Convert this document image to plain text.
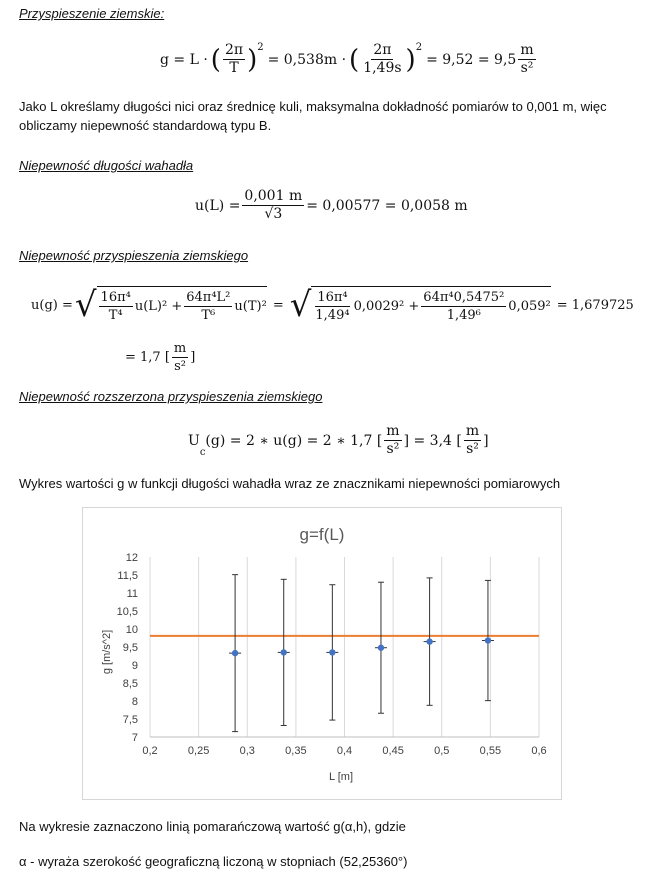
Przyspieszenie ziemskie:
g = L · ( $\frac{2\pi}{T} )^2$
= 0,538m · ( $\frac{2\pi}{1,49s} )^2$
= $9,52 = 9,5 \frac{m}{\text{s²}}$
Jako L określamy długości nici oraz średnicę kuli, maksymalna dokładność pomiarów to 0,001 m, więc obliczamy niepewność standardową typu B.
Niepewność długości wahadła
$u(L) = \frac{0,001 m}{√3} = 0,00577 = 0,0058$ m
Niepewność przyspieszenia ziemskiego
u(g) = √ $\frac{\text{16π⁴}}{\text{T⁴}} u(L)^2 + \frac{\text{64π⁴L²}}{\text{T⁶}} u(T)^2$ = √ $\frac{\text{16π⁴}}{\text{1,49⁴}} 0,0029^2 + \frac{\text{64π⁴0,5475²}}{\text{1,49⁶}} 0,059^2 = 1,679725$
= 1,7 [ $\frac{m}{\text{s²}}$ ]
Niepewność rozszerzona przyspieszenia ziemskiego
U
$_c$
(g) = 2 ∗ u(g) = 2 ∗ 1,7 [ $\frac{m}{\text{s²}}$ ] = 3,4 [ $\frac{m}{\text{s²}}$ ]
Wykres wartości g w funkcji długości wahadła wraz ze znacznikami niepewności pomiarowych
g=f(L)
L [m]
g [m/s^2]
0,2	0,25	0,3	0,35	0,4	0,45	0,5	0,55	0,6
7
7,5
8
8,5
9
9,5
10
10,5
11
11,5
12
Na wykresie zaznaczono linią pomarańczową wartość g(α,h), gdzie
α - wyraża szerokość geograficzną liczoną w stopniach (52,25360°)
